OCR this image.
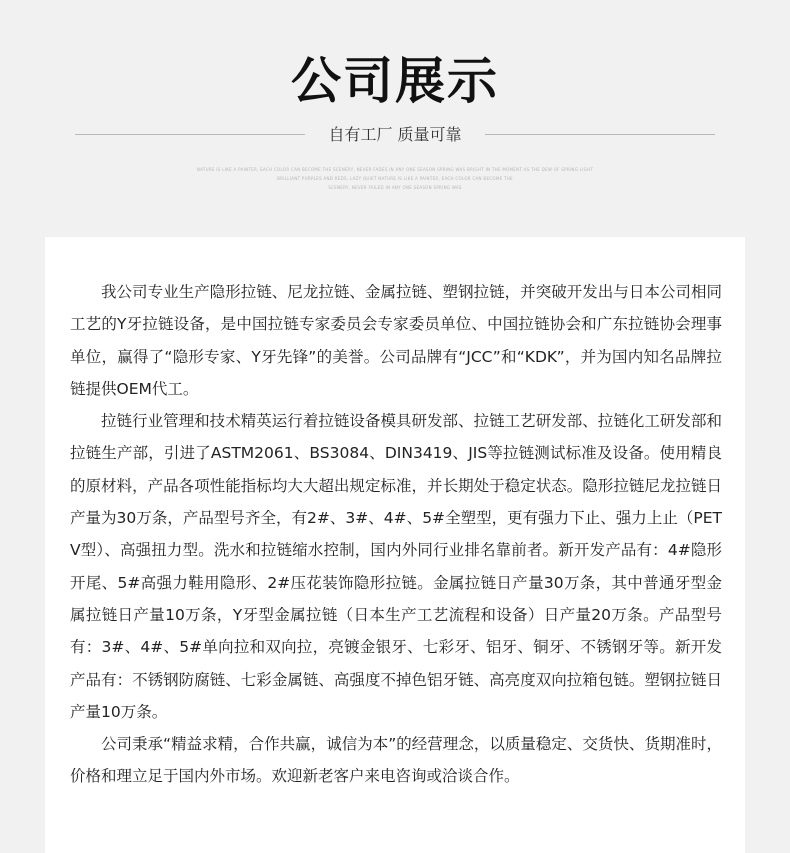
公司展示
自有工厂 质量可靠
NATURE IS LIKE A PAINTER, EACH COLOR CAN BECOME THE SCENERY, NEVER FADES IN ANY ONE SEASON SPRING WAS BRIGHT IN THE MOMENT AS THE DEW OF SPRING LIGHT
BRILLIANT PURPLES AND REDS, LAZY QUIET NATURE IS LIKE A PAINTER, EACH COLOR CAN BECOME THE
SCENERY, NEVER FAILED IN ANY ONE SEASON SPRING WAS

我公司专业生产隐形拉链、尼龙拉链、金属拉链、塑钢拉链，并突破开发出与日本公司相同工艺的Y牙拉链设备，是中国拉链专家委员会专家委员单位、中国拉链协会和广东拉链协会理事单位，赢得了“隐形专家、Y牙先锋”的美誉。公司品牌有“JCC”和“KDK”，并为国内知名品牌拉链提供OEM代工。

拉链行业管理和技术精英运行着拉链设备模具研发部、拉链工艺研发部、拉链化工研发部和拉链生产部，引进了ASTM2061、BS3084、DIN3419、JIS等拉链测试标准及设备。使用精良的原材料，产品各项性能指标均大大超出规定标准，并长期处于稳定状态。隐形拉链尼龙拉链日产量为30万条，产品型号齐全，有2#、3#、4#、5#全塑型，更有强力下止、强力上止（PET V型）、高强扭力型。洗水和拉链缩水控制，国内外同行业排名靠前者。新开发产品有：4#隐形开尾、5#高强力鞋用隐形、2#压花装饰隐形拉链。金属拉链日产量30万条，其中普通牙型金属拉链日产量10万条，Y牙型金属拉链（日本生产工艺流程和设备）日产量20万条。产品型号有：3#、4#、5#单向拉和双向拉，亮镀金银牙、七彩牙、铝牙、铜牙、不锈钢牙等。新开发产品有：不锈钢防腐链、七彩金属链、高强度不掉色铝牙链、高亮度双向拉箱包链。塑钢拉链日产量10万条。

公司秉承“精益求精，合作共赢，诚信为本”的经营理念，以质量稳定、交货快、货期准时，价格和理立足于国内外市场。欢迎新老客户来电咨询或洽谈合作。
